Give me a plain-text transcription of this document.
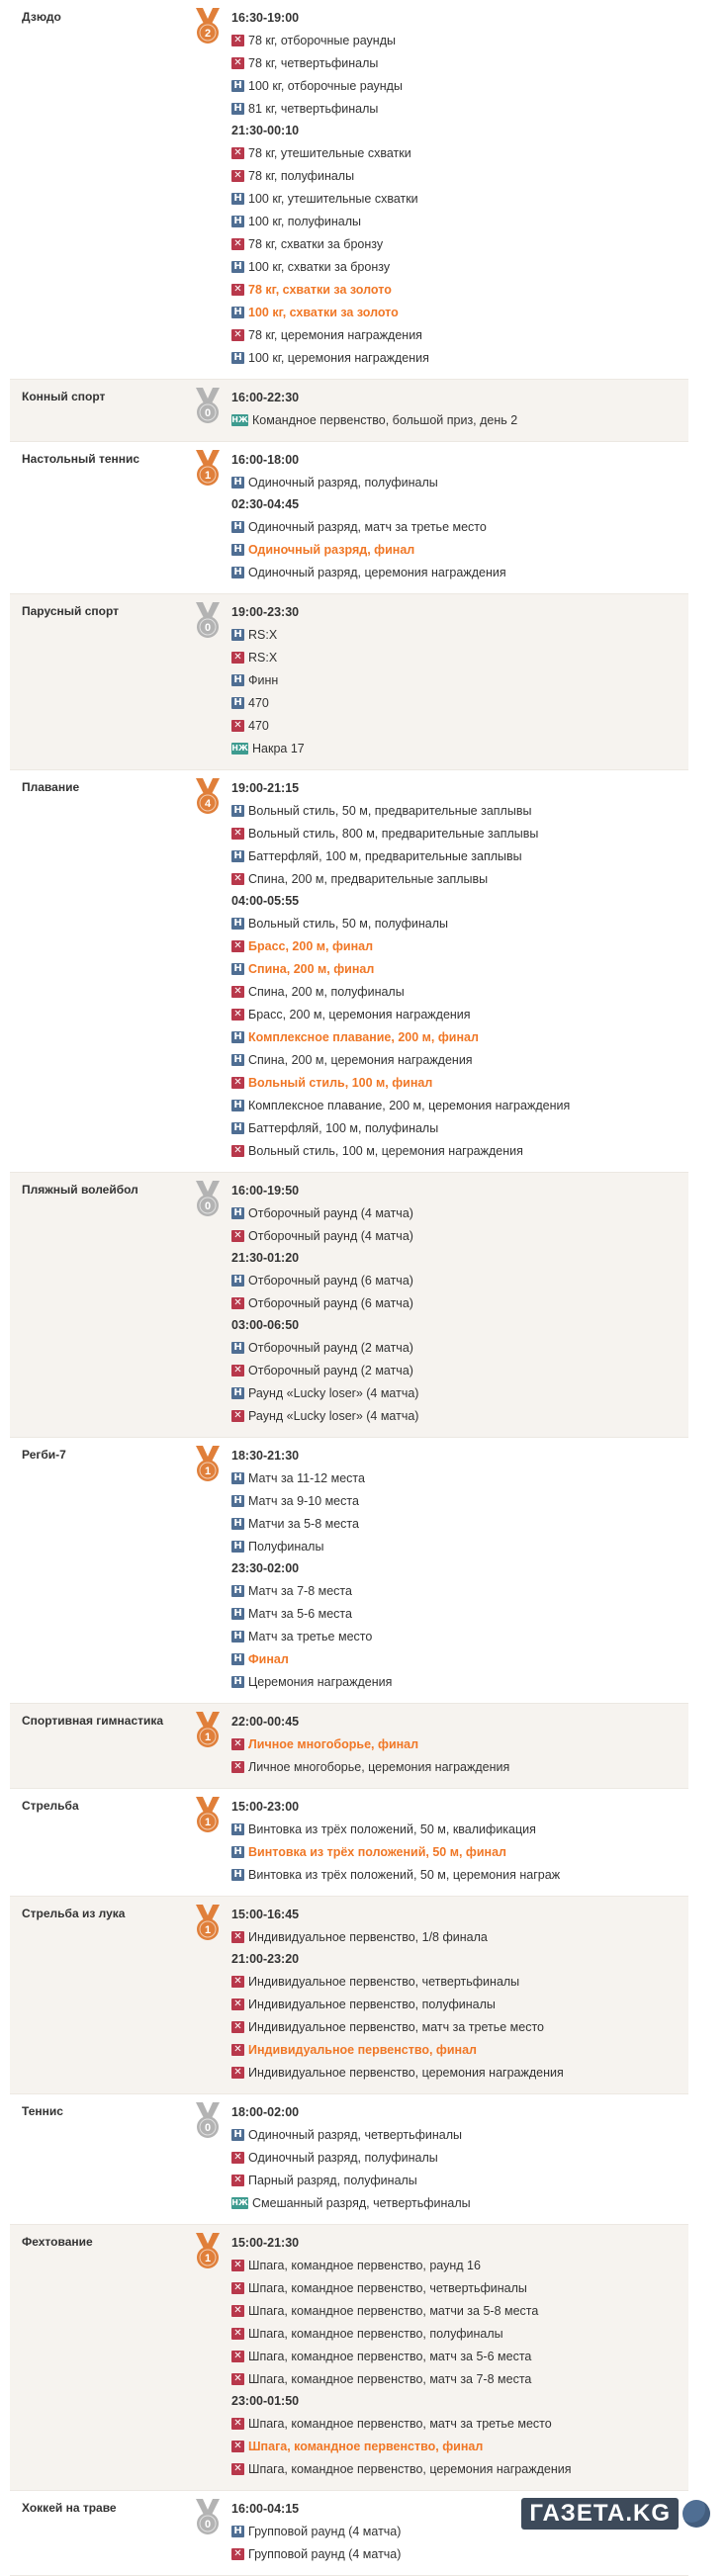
Дзюдо
2
16:30-19:00
✕ 78 кг, отборочные раунды
✕ 78 кг, четвертьфиналы
Н 100 кг, отборочные раунды
Н 81 кг, четвертьфиналы
21:30-00:10
✕ 78 кг, утешительные схватки
✕ 78 кг, полуфиналы
Н 100 кг, утешительные схватки
Н 100 кг, полуфиналы
✕ 78 кг, схватки за бронзу
Н 100 кг, схватки за бронзу
✕ 78 кг, схватки за золото
Н 100 кг, схватки за золото
✕ 78 кг, церемония награждения
Н 100 кг, церемония награждения
Конный спорт
0
16:00-22:30
НЖ Командное первенство, большой приз, день 2
Настольный теннис
1
16:00-18:00
Н Одиночный разряд, полуфиналы
02:30-04:45
Н Одиночный разряд, матч за третье место
Н Одиночный разряд, финал
Н Одиночный разряд, церемония награждения
Парусный спорт
0
19:00-23:30
Н RS:X
✕ RS:X
Н Финн
Н 470
✕ 470
НЖ Накра 17
Плавание
4
19:00-21:15
Н Вольный стиль, 50 м, предварительные заплывы
✕ Вольный стиль, 800 м, предварительные заплывы
Н Баттерфляй, 100 м, предварительные заплывы
✕ Спина, 200 м, предварительные заплывы
04:00-05:55
Н Вольный стиль, 50 м, полуфиналы
✕ Брасс, 200 м, финал
Н Спина, 200 м, финал
✕ Спина, 200 м, полуфиналы
✕ Брасс, 200 м, церемония награждения
Н Комплексное плавание, 200 м, финал
Н Спина, 200 м, церемония награждения
✕ Вольный стиль, 100 м, финал
Н Комплексное плавание, 200 м, церемония награждения
Н Баттерфляй, 100 м, полуфиналы
✕ Вольный стиль, 100 м, церемония награждения
Пляжный волейбол
0
16:00-19:50
Н Отборочный раунд (4 матча)
✕ Отборочный раунд (4 матча)
21:30-01:20
Н Отборочный раунд (6 матча)
✕ Отборочный раунд (6 матча)
03:00-06:50
Н Отборочный раунд (2 матча)
✕ Отборочный раунд (2 матча)
Н Раунд «Lucky loser» (4 матча)
✕ Раунд «Lucky loser» (4 матча)
Регби-7
1
18:30-21:30
Н Матч за 11-12 места
Н Матч за 9-10 места
Н Матчи за 5-8 места
Н Полуфиналы
23:30-02:00
Н Матч за 7-8 места
Н Матч за 5-6 места
Н Матч за третье место
Н Финал
Н Церемония награждения
Спортивная гимнастика
1
22:00-00:45
✕ Личное многоборье, финал
✕ Личное многоборье, церемония награждения
Стрельба
1
15:00-23:00
Н Винтовка из трёх положений, 50 м, квалификация
Н Винтовка из трёх положений, 50 м, финал
Н Винтовка из трёх положений, 50 м, церемония награж
Стрельба из лука
1
15:00-16:45
✕ Индивидуальное первенство, 1/8 финала
21:00-23:20
✕ Индивидуальное первенство, четвертьфиналы
✕ Индивидуальное первенство, полуфиналы
✕ Индивидуальное первенство, матч за третье место
✕ Индивидуальное первенство, финал
✕ Индивидуальное первенство, церемония награждения
Теннис
0
18:00-02:00
Н Одиночный разряд, четвертьфиналы
✕ Одиночный разряд, полуфиналы
✕ Парный разряд, полуфиналы
НЖ Смешанный разряд, четвертьфиналы
Фехтование
1
15:00-21:30
✕ Шпага, командное первенство, раунд 16
✕ Шпага, командное первенство, четвертьфиналы
✕ Шпага, командное первенство, матчи за 5-8 места
✕ Шпага, командное первенство, полуфиналы
✕ Шпага, командное первенство, матч за 5-6 места
✕ Шпага, командное первенство, матч за 7-8 места
23:00-01:50
✕ Шпага, командное первенство, матч за третье место
✕ Шпага, командное первенство, финал
✕ Шпага, командное первенство, церемония награждения
Хоккей на траве
0
16:00-04:15
Н Групповой раунд (4 матча)
✕ Групповой раунд (4 матча)
ГАЗЕТА.KG
